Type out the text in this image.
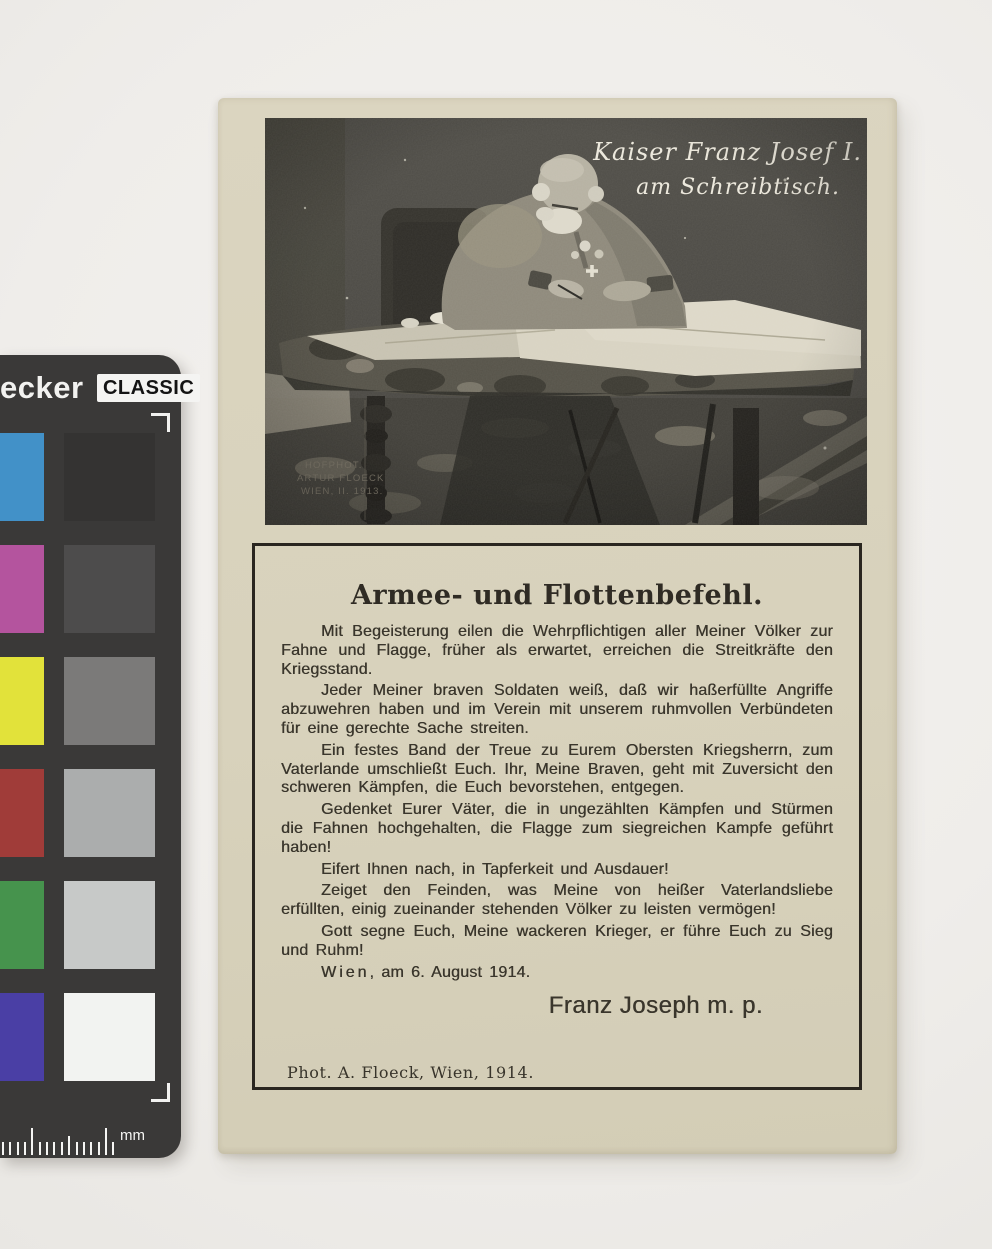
ecker CLASSIC
mm
Armee- und Flottenbefehl.

Mit Begeisterung eilen die Wehrpflichtigen aller Meiner Völker zur Fahne und Flagge, früher als erwartet, erreichen die Streitkräfte den Kriegsstand.

Jeder Meiner braven Soldaten weiß, daß wir haßerfüllte Angriffe abzuwehren haben und im Verein mit unserem ruhmvollen Verbündeten für eine gerechte Sache streiten.

Ein festes Band der Treue zu Eurem Obersten Kriegsherrn, zum Vaterlande umschließt Euch. Ihr, Meine Braven, geht mit Zuversicht den schweren Kämpfen, die Euch bevorstehen, entgegen.

Gedenket Eurer Väter, die in ungezählten Kämpfen und Stürmen die Fahnen hochgehalten, die Flagge zum siegreichen Kampfe geführt haben!

Eifert Ihnen nach, in Tapferkeit und Ausdauer!

Zeiget den Feinden, was Meine von heißer Vaterlandsliebe erfüllten, einig zueinander stehenden Völker zu leisten vermögen!

Gott segne Euch, Meine wackeren Krieger, er führe Euch zu Sieg und Ruhm!

Wien, am 6. August 1914.

Franz Joseph m. p.
Phot. A. Floeck, Wien, 1914.
